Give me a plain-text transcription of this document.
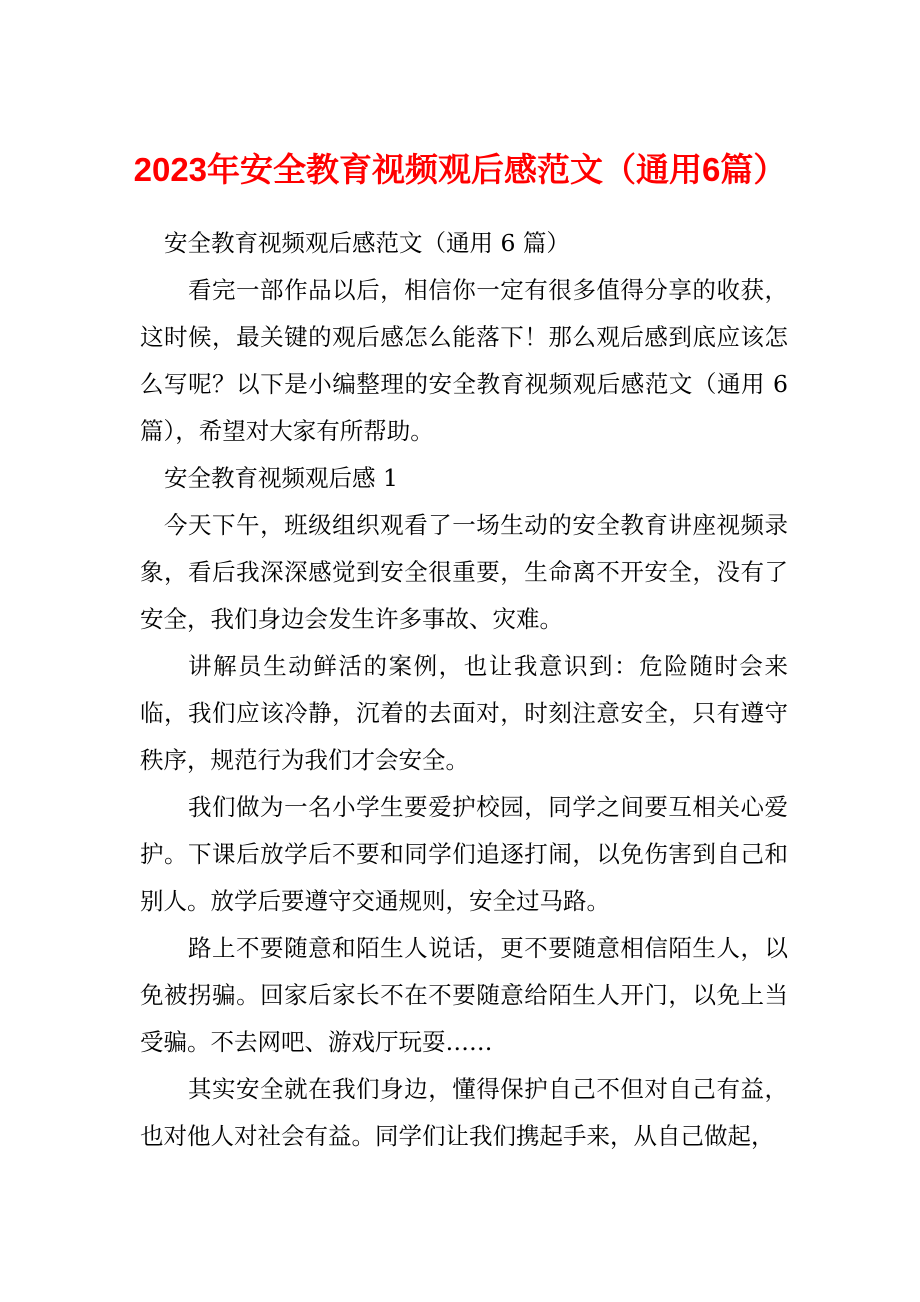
2023年安全教育视频观后感范文（通用6篇）

安全教育视频观后感范文（通用 6 篇）

看完一部作品以后，相信你一定有很多值得分享的收获，这时候，最关键的观后感怎么能落下！那么观后感到底应该怎么写呢？以下是小编整理的安全教育视频观后感范文（通用 6 篇），希望对大家有所帮助。

安全教育视频观后感 1

今天下午，班级组织观看了一场生动的安全教育讲座视频录象，看后我深深感觉到安全很重要，生命离不开安全，没有了安全，我们身边会发生许多事故、灾难。

讲解员生动鲜活的案例，也让我意识到：危险随时会来临，我们应该冷静，沉着的去面对，时刻注意安全，只有遵守秩序，规范行为我们才会安全。

我们做为一名小学生要爱护校园，同学之间要互相关心爱护。下课后放学后不要和同学们追逐打闹，以免伤害到自己和别人。放学后要遵守交通规则，安全过马路。

路上不要随意和陌生人说话，更不要随意相信陌生人，以免被拐骗。回家后家长不在不要随意给陌生人开门，以免上当受骗。不去网吧、游戏厅玩耍……

其实安全就在我们身边，懂得保护自己不但对自己有益，也对他人对社会有益。同学们让我们携起手来，从自己做起，
